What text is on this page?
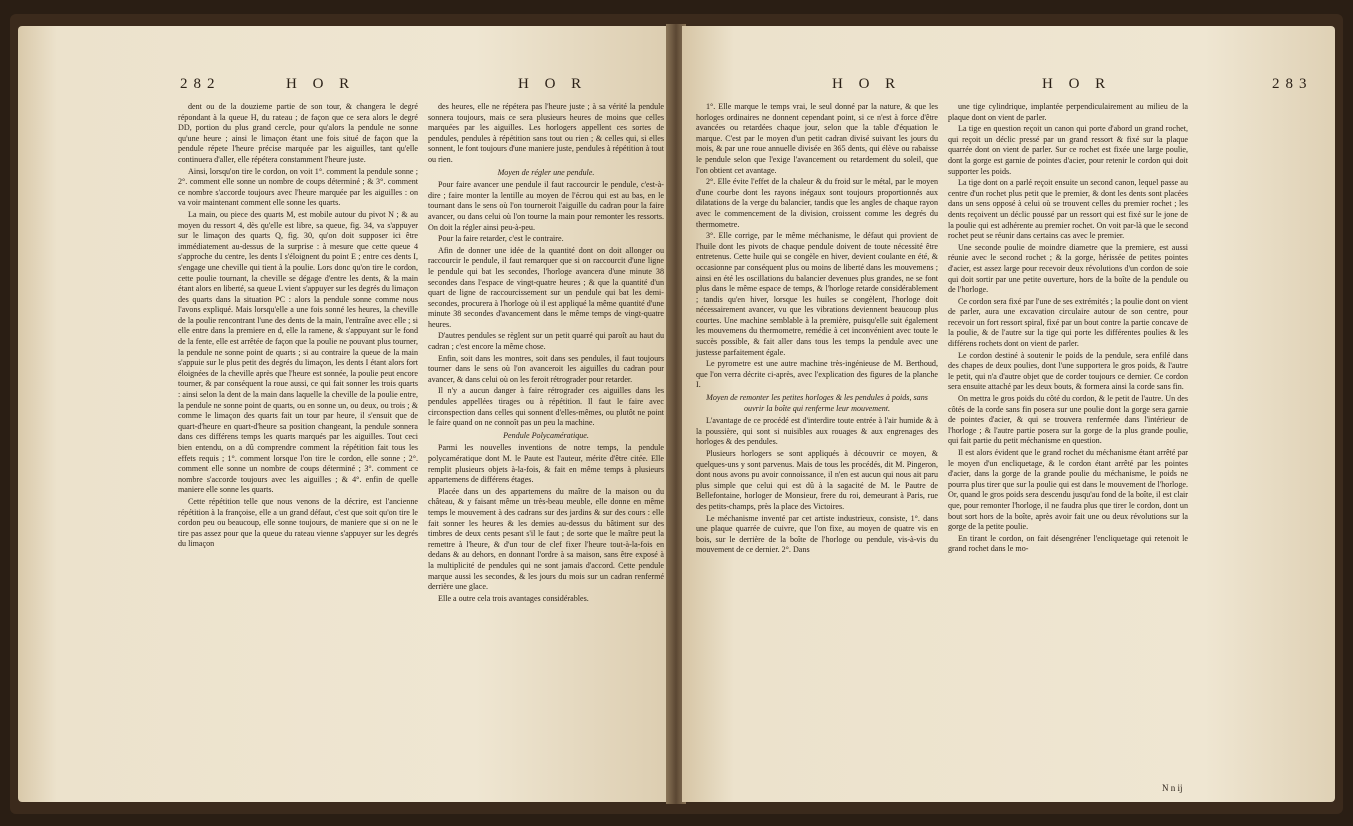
282	H O R	H O R

dent ou de la douzieme partie de son tour, & changera le degré répondant à la queue H, du rateau ; de façon que ce sera alors le degré DD, portion du plus grand cercle, pour qu'alors la pendule ne sonne qu'une heure ; ainsi le limaçon étant une fois situé de façon que la pendule répete l'heure précise marquée par les aiguilles, tant qu'elle continuera d'aller, elle répétera constamment l'heure juste.

Ainsi, lorsqu'on tire le cordon, on voit 1°. comment la pendule sonne ; 2°. comment elle sonne un nombre de coups déterminé ; & 3°. comment ce nombre s'accorde toujours avec l'heure marquée par les aiguilles : on va voir maintenant comment elle sonne les quarts.

La main, ou piece des quarts M, est mobile autour du pivot N ; & au moyen du ressort 4, dès qu'elle est libre, sa queue, fig. 34, va s'appuyer sur le limaçon des quarts Q, fig. 30, qu'on doit supposer ici être immédiatement au-dessus de la surprise : à mesure que cette queue 4 s'approche du centre, les dents I s'éloignent du point E ; entre ces dents I, s'engage une cheville qui tient à la poulie. Lors donc qu'on tire le cordon, cette poulie tournant, la cheville se dégage d'entre les dents, & la main étant alors en liberté, sa queue L vient s'appuyer sur les degrés du limaçon des quarts dans la situation PC : alors la pendule sonne comme nous l'avons expliqué. Mais lorsqu'elle a une fois sonné les heures, la cheville de la poulie rencontrant l'une des dents de la main, l'entraîne avec elle ; si elle entre dans la premiere en d, elle la ramene, & s'appuyant sur le fond de la fente, elle est arrêtée de façon que la poulie ne pouvant plus tourner, la pendule ne sonne point de quarts ; si au contraire la queue de la main s'appuie sur le plus petit des degrés du limaçon, les dents I étant alors fort éloignées de la cheville après que l'heure est sonnée, la poulie peut encore tourner, & par conséquent la roue aussi, ce qui fait sonner les trois quarts : ainsi selon la dent de la main dans laquelle la cheville de la poulie entre, la pendule ne sonne point de quarts, ou en sonne un, ou deux, ou trois ; & comme le limaçon des quarts fait un tour par heure, il s'ensuit que de quart-d'heure en quart-d'heure sa position changeant, la pendule sonnera dans ces différens temps les quarts marqués par les aiguilles. Tout ceci bien entendu, on a dû comprendre comment la répétition fait tous les effets requis ; 1°. comment lorsque l'on tire le cordon, elle sonne ; 2°. comment elle sonne un nombre de coups déterminé ; 3°. comment ce nombre s'accorde toujours avec les aiguilles ; & 4°. enfin de quelle maniere elle sonne les quarts.

Cette répétition telle que nous venons de la décrire, est l'ancienne répétition à la françoise, elle a un grand défaut, c'est que soit qu'on tire le cordon peu ou beaucoup, elle sonne toujours, de maniere que si on ne le tire pas assez pour que la queue du rateau vienne s'appuyer sur les degrés du limaçon

des heures, elle ne répétera pas l'heure juste ; à sa vérité la pendule sonnera toujours, mais ce sera plusieurs heures de moins que celles marquées par les aiguilles. Les horlogers appellent ces sortes de pendules, pendules à répétition sans tout ou rien ; & celles qui, si elles sonnent, le font toujours d'une maniere juste, pendules à répétition à tout ou rien.

Moyen de régler une pendule.

Pour faire avancer une pendule il faut raccourcir le pendule, c'est-à-dire ; faire monter la lentille au moyen de l'écrou qui est au bas, en le tournant dans le sens où l'on tourneroit l'aiguille du cadran pour la faire avancer, ou dans celui où l'on tourne la main pour remonter les ressorts. On doit la régler ainsi peu-à-peu.

Pour la faire retarder, c'est le contraire.

Afin de donner une idée de la quantité dont on doit allonger ou raccourcir le pendule, il faut remarquer que si on raccourcit d'une ligne le pendule qui bat les secondes, l'horloge avancera d'une minute 38 secondes dans l'espace de vingt-quatre heures ; & que la quantité d'un quart de ligne de raccourcissement sur un pendule qui bat les demi-secondes, procurera à l'horloge où il est appliqué la même quantité d'une minute 38 secondes d'avancement dans le même temps de vingt-quatre heures.

D'autres pendules se règlent sur un petit quarré qui paroît au haut du cadran ; c'est encore la même chose.

Enfin, soit dans les montres, soit dans ses pendules, il faut toujours tourner dans le sens où l'on avanceroit les aiguilles du cadran pour avancer, & dans celui où on les feroit rétrograder pour retarder.

Il n'y a aucun danger à faire rétrograder ces aiguilles dans les pendules appellées tirages ou à répétition. Il faut le faire avec circonspection dans celles qui sonnent d'elles-mêmes, ou plutôt ne point le faire quand on ne connoît pas un peu la machine.

Pendule Polycamératique.

Parmi les nouvelles inventions de notre temps, la pendule polycamératique dont M. le Paute est l'auteur, mérite d'être citée. Elle remplit plusieurs objets à-la-fois, & fait en même temps à plusieurs appartemens de différens étages.

Placée dans un des appartemens du maître de la maison ou du château, & y faisant même un très-beau meuble, elle donne en même temps le mouvement à des cadrans sur des jardins & sur des cours : elle fait sonner les heures & les demies au-dessus du bâtiment sur des timbres de deux cents pesant s'il le faut ; de sorte que le maître peut la remettre à l'heure, & d'un tour de clef fixer l'heure tout-à-la-fois en dedans & au dehors, en donnant l'ordre à sa maison, sans être exposé à la multiplicité de pendules qui ne sont jamais d'accord. Cette pendule marque aussi les secondes, & les jours du mois sur un cadran renfermé derrière une glace.

Elle a outre cela trois avantages considérables.

H O R	H O R	283

1°. Elle marque le temps vrai, le seul donné par la nature, & que les horloges ordinaires ne donnent cependant point, si ce n'est à force d'être avancées ou retardées chaque jour, selon que la table d'équation le marque. C'est par le moyen d'un petit cadran divisé suivant les jours du mois, & par une roue annuelle divisée en 365 dents, qui élève ou rabaisse le pendule selon que l'exige l'avancement ou retardement du soleil, que l'on obtient cet avantage.

2°. Elle évite l'effet de la chaleur & du froid sur le métal, par le moyen d'une courbe dont les rayons inégaux sont toujours proportionnés aux dilatations de la verge du balancier, tandis que les angles de chaque rayon avec le commencement de la division, croissent comme les degrés du thermometre.

3°. Elle corrige, par le même méchanisme, le défaut qui provient de l'huile dont les pivots de chaque pendule doivent de toute nécessité être entretenus. Cette huile qui se congèle en hiver, devient coulante en été, & occasionne par conséquent plus ou moins de liberté dans les mouvemens ; ainsi en été les oscillations du balancier devenues plus grandes, ne se font plus dans le même espace de temps, & l'horloge retarde considérablement ; tandis qu'en hiver, lorsque les huiles se congèlent, l'horloge doit nécessairement avancer, vu que les vibrations deviennent beaucoup plus courtes. Une machine semblable à la première, puisqu'elle suit également les mouvemens du thermometre, remédie à cet inconvénient avec toute le succès possible, & fait aller dans tous les temps la pendule avec une justesse parfaitement égale.

Le pyrometre est une autre machine très-ingénieuse de M. Berthoud, que l'on verra décrite ci-après, avec l'explication des figures de la planche I.

Moyen de remonter les petites horloges & les pendules à poids, sans ouvrir la boîte qui renferme leur mouvement.

L'avantage de ce procédé est d'interdire toute entrée à l'air humide & à la poussière, qui sont si nuisibles aux rouages & aux engrenages des horloges & des pendules.

Plusieurs horlogers se sont appliqués à découvrir ce moyen, & quelques-uns y sont parvenus. Mais de tous les procédés, dit M. Pingeron, dont nous avons pu avoir connoissance, il n'en est aucun qui nous ait paru plus simple que celui qui est dû à la sagacité de M. le Pautre de Bellefontaine, horloger de Monsieur, frere du roi, demeurant à Paris, rue des petits-champs, près la place des Victoires.

Le méchanisme inventé par cet artiste industrieux, consiste, 1°. dans une plaque quarrée de cuivre, que l'on fixe, au moyen de quatre vis en bois, sur le derrière de la boîte de l'horloge ou pendule, vis-à-vis du mouvement de ce dernier. 2°. Dans

une tige cylindrique, implantée perpendiculairement au milieu de la plaque dont on vient de parler.

La tige en question reçoit un canon qui porte d'abord un grand rochet, qui reçoit un déclic pressé par un grand ressort & fixé sur la plaque quarrée dont on vient de parler. Sur ce rochet est fixée une large poulie, dont la gorge est garnie de pointes d'acier, pour retenir le cordon qui doit supporter les poids.

La tige dont on a parlé reçoit ensuite un second canon, lequel passe au centre d'un rochet plus petit que le premier, & dont les dents sont placées dans un sens opposé à celui où se trouvent celles du premier rochet ; les dents reçoivent un déclic poussé par un ressort qui est fixé sur le jone de la poulie qui est adhérente au premier rochet. On voit par-là que le second rochet peut se réunir dans certains cas avec le premier.

Une seconde poulie de moindre diametre que la premiere, est aussi réunie avec le second rochet ; & la gorge, hérissée de petites pointes d'acier, est assez large pour recevoir deux révolutions d'un cordon de soie qui doit sortir par une petite ouverture, hors de la boîte de la pendule ou de l'horloge.

Ce cordon sera fixé par l'une de ses extrémités ; la poulie dont on vient de parler, aura une excavation circulaire autour de son centre, pour recevoir un fort ressort spiral, fixé par un bout contre la partie concave de la poulie, & de l'autre sur la tige qui porte les différentes poulies & les différens rochets dont on vient de parler.

Le cordon destiné à soutenir le poids de la pendule, sera enfilé dans des chapes de deux poulies, dont l'une supportera le gros poids, & l'autre le petit, qui n'a d'autre objet que de corder toujours ce dernier. Ce cordon sera ensuite attaché par les deux bouts, & formera ainsi la corde sans fin.

On mettra le gros poids du côté du cordon, & le petit de l'autre. Un des côtés de la corde sans fin posera sur une poulie dont la gorge sera garnie de pointes d'acier, & qui se trouvera renfermée dans l'intérieur de l'horloge ; & l'autre partie posera sur la gorge de la plus grande poulie, qui fait partie du petit méchanisme en question.

Il est alors évident que le grand rochet du méchanisme étant arrêté par le moyen d'un encliquetage, & le cordon étant arrêté par les pointes d'acier, dans la gorge de la grande poulie du méchanisme, le poids ne pourra plus tirer que sur la poulie qui est dans le mouvement de l'horloge. Or, quand le gros poids sera descendu jusqu'au fond de la boîte, il est clair que, pour remonter l'horloge, il ne faudra plus que tirer le cordon, dont un bout sort hors de la boîte, après avoir fait une ou deux révolutions sur la gorge de la petite poulie.

En tirant le cordon, on fait désengréner l'encliquetage qui retenoit le grand rochet dans le mo-

N n ij
